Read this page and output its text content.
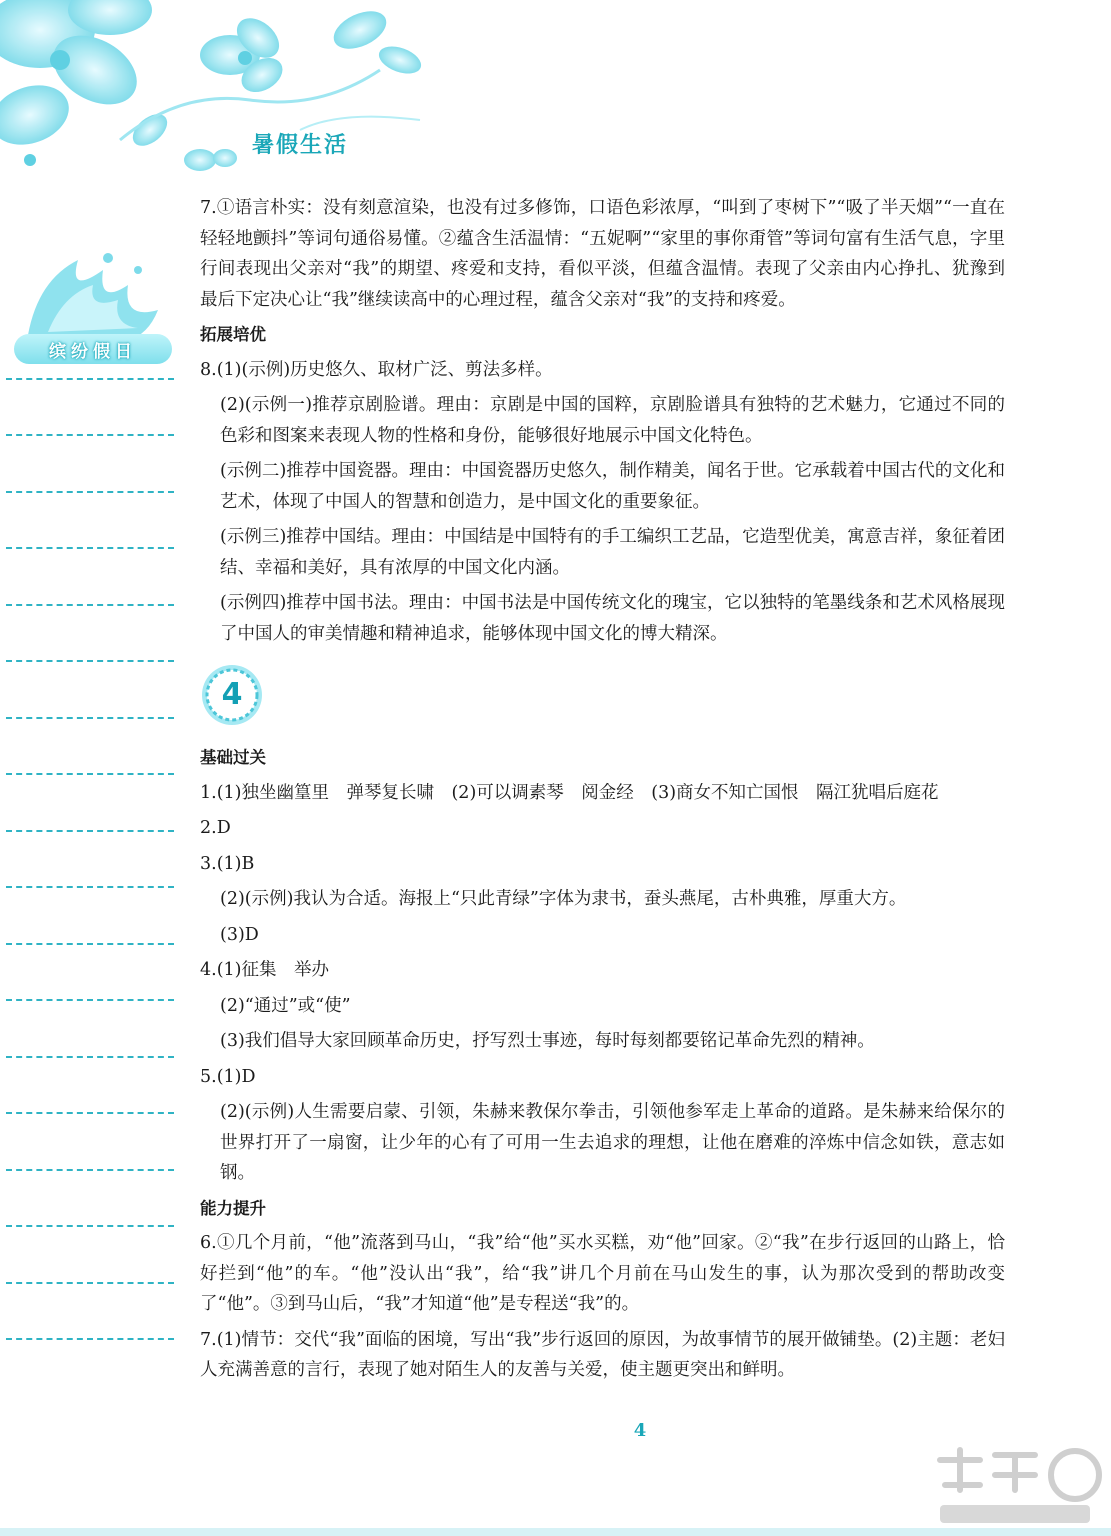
暑假生活
缤纷假日

7.①语言朴实：没有刻意渲染，也没有过多修饰，口语色彩浓厚，“叫到了枣树下”“吸了半天烟”“一直在轻轻地颤抖”等词句通俗易懂。②蕴含生活温情：“五妮啊”“家里的事你甭管”等词句富有生活气息，字里行间表现出父亲对“我”的期望、疼爱和支持，看似平淡，但蕴含温情。表现了父亲由内心挣扎、犹豫到最后下定决心让“我”继续读高中的心理过程，蕴含父亲对“我”的支持和疼爱。

拓展培优

8.(1)(示例)历史悠久、取材广泛、剪法多样。

(2)(示例一)推荐京剧脸谱。理由：京剧是中国的国粹，京剧脸谱具有独特的艺术魅力，它通过不同的色彩和图案来表现人物的性格和身份，能够很好地展示中国文化特色。

(示例二)推荐中国瓷器。理由：中国瓷器历史悠久，制作精美，闻名于世。它承载着中国古代的文化和艺术，体现了中国人的智慧和创造力，是中国文化的重要象征。

(示例三)推荐中国结。理由：中国结是中国特有的手工编织工艺品，它造型优美，寓意吉祥，象征着团结、幸福和美好，具有浓厚的中国文化内涵。

(示例四)推荐中国书法。理由：中国书法是中国传统文化的瑰宝，它以独特的笔墨线条和艺术风格展现了中国人的审美情趣和精神追求，能够体现中国文化的博大精深。

4
基础过关

1.(1)独坐幽篁里　弹琴复长啸　(2)可以调素琴　阅金经　(3)商女不知亡国恨　隔江犹唱后庭花

2.D

3.(1)B

(2)(示例)我认为合适。海报上“只此青绿”字体为隶书，蚕头燕尾，古朴典雅，厚重大方。

(3)D

4.(1)征集　举办

(2)“通过”或“使”

(3)我们倡导大家回顾革命历史，抒写烈士事迹，每时每刻都要铭记革命先烈的精神。

5.(1)D

(2)(示例)人生需要启蒙、引领，朱赫来教保尔拳击，引领他参军走上革命的道路。是朱赫来给保尔的世界打开了一扇窗，让少年的心有了可用一生去追求的理想，让他在磨难的淬炼中信念如铁，意志如钢。

能力提升

6.①几个月前，“他”流落到马山，“我”给“他”买水买糕，劝“他”回家。②“我”在步行返回的山路上，恰好拦到“他”的车。“他”没认出“我”，给“我”讲几个月前在马山发生的事，认为那次受到的帮助改变了“他”。③到马山后，“我”才知道“他”是专程送“我”的。

7.(1)情节：交代“我”面临的困境，写出“我”步行返回的原因，为故事情节的展开做铺垫。(2)主题：老妇人充满善意的言行，表现了她对陌生人的友善与关爱，使主题更突出和鲜明。

4
